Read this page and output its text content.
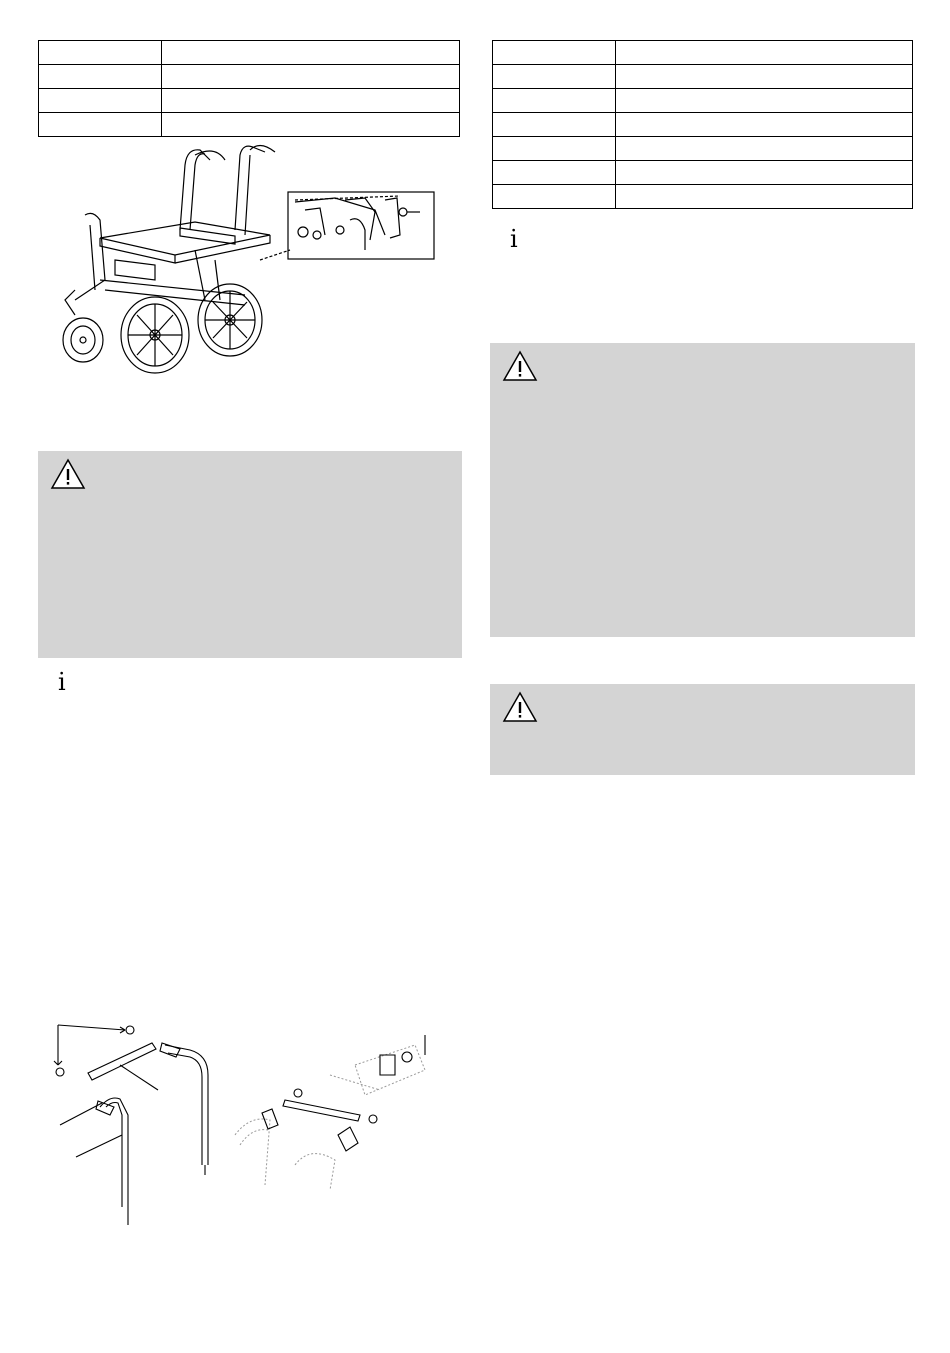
i
i
